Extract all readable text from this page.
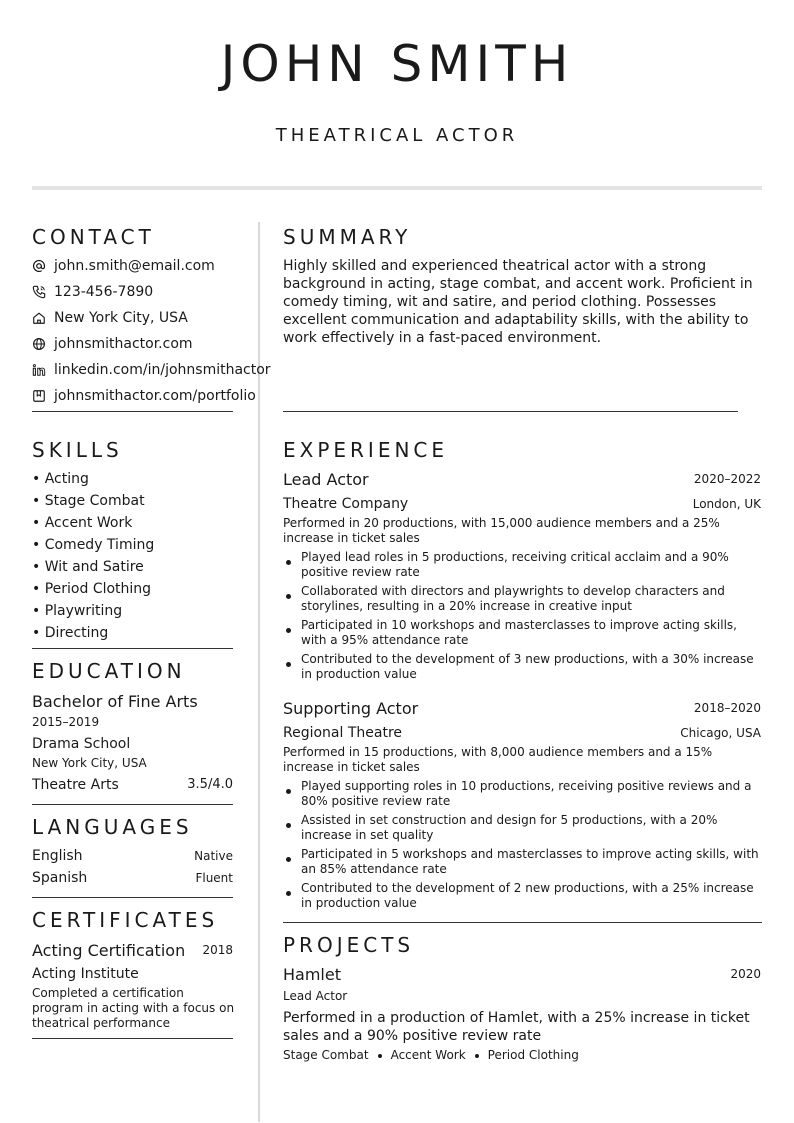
JOHN SMITH
THEATRICAL ACTOR
CONTACT
john.smith@email.com
123-456-7890
New York City, USA
johnsmithactor.com
linkedin.com/in/johnsmithactor
johnsmithactor.com/portfolio
SUMMARY
Highly skilled and experienced theatrical actor with a strong background in acting, stage combat, and accent work. Proficient in comedy timing, wit and satire, and period clothing. Possesses excellent communication and adaptability skills, with the ability to work effectively in a fast-paced environment.
SKILLS
• Acting
• Stage Combat
• Accent Work
• Comedy Timing
• Wit and Satire
• Period Clothing
• Playwriting
• Directing
EDUCATION
Bachelor of Fine Arts
2015–2019
Drama School
New York City, USA
Theatre Arts	3.5/4.0
LANGUAGES
English	Native
Spanish	Fluent
CERTIFICATES
Acting Certification	2018
Acting Institute
Completed a certification program in acting with a focus on theatrical performance
EXPERIENCE
Lead Actor	2020–2022
Theatre Company	London, UK
Performed in 20 productions, with 15,000 audience members and a 25% increase in ticket sales
Played lead roles in 5 productions, receiving critical acclaim and a 90% positive review rate
Collaborated with directors and playwrights to develop characters and storylines, resulting in a 20% increase in creative input
Participated in 10 workshops and masterclasses to improve acting skills, with a 95% attendance rate
Contributed to the development of 3 new productions, with a 30% increase in production value
Supporting Actor	2018–2020
Regional Theatre	Chicago, USA
Performed in 15 productions, with 8,000 audience members and a 15% increase in ticket sales
Played supporting roles in 10 productions, receiving positive reviews and a 80% positive review rate
Assisted in set construction and design for 5 productions, with a 20% increase in set quality
Participated in 5 workshops and masterclasses to improve acting skills, with an 85% attendance rate
Contributed to the development of 2 new productions, with a 25% increase in production value
PROJECTS
Hamlet	2020
Lead Actor
Performed in a production of Hamlet, with a 25% increase in ticket sales and a 90% positive review rate
Stage Combat Accent Work Period Clothing
